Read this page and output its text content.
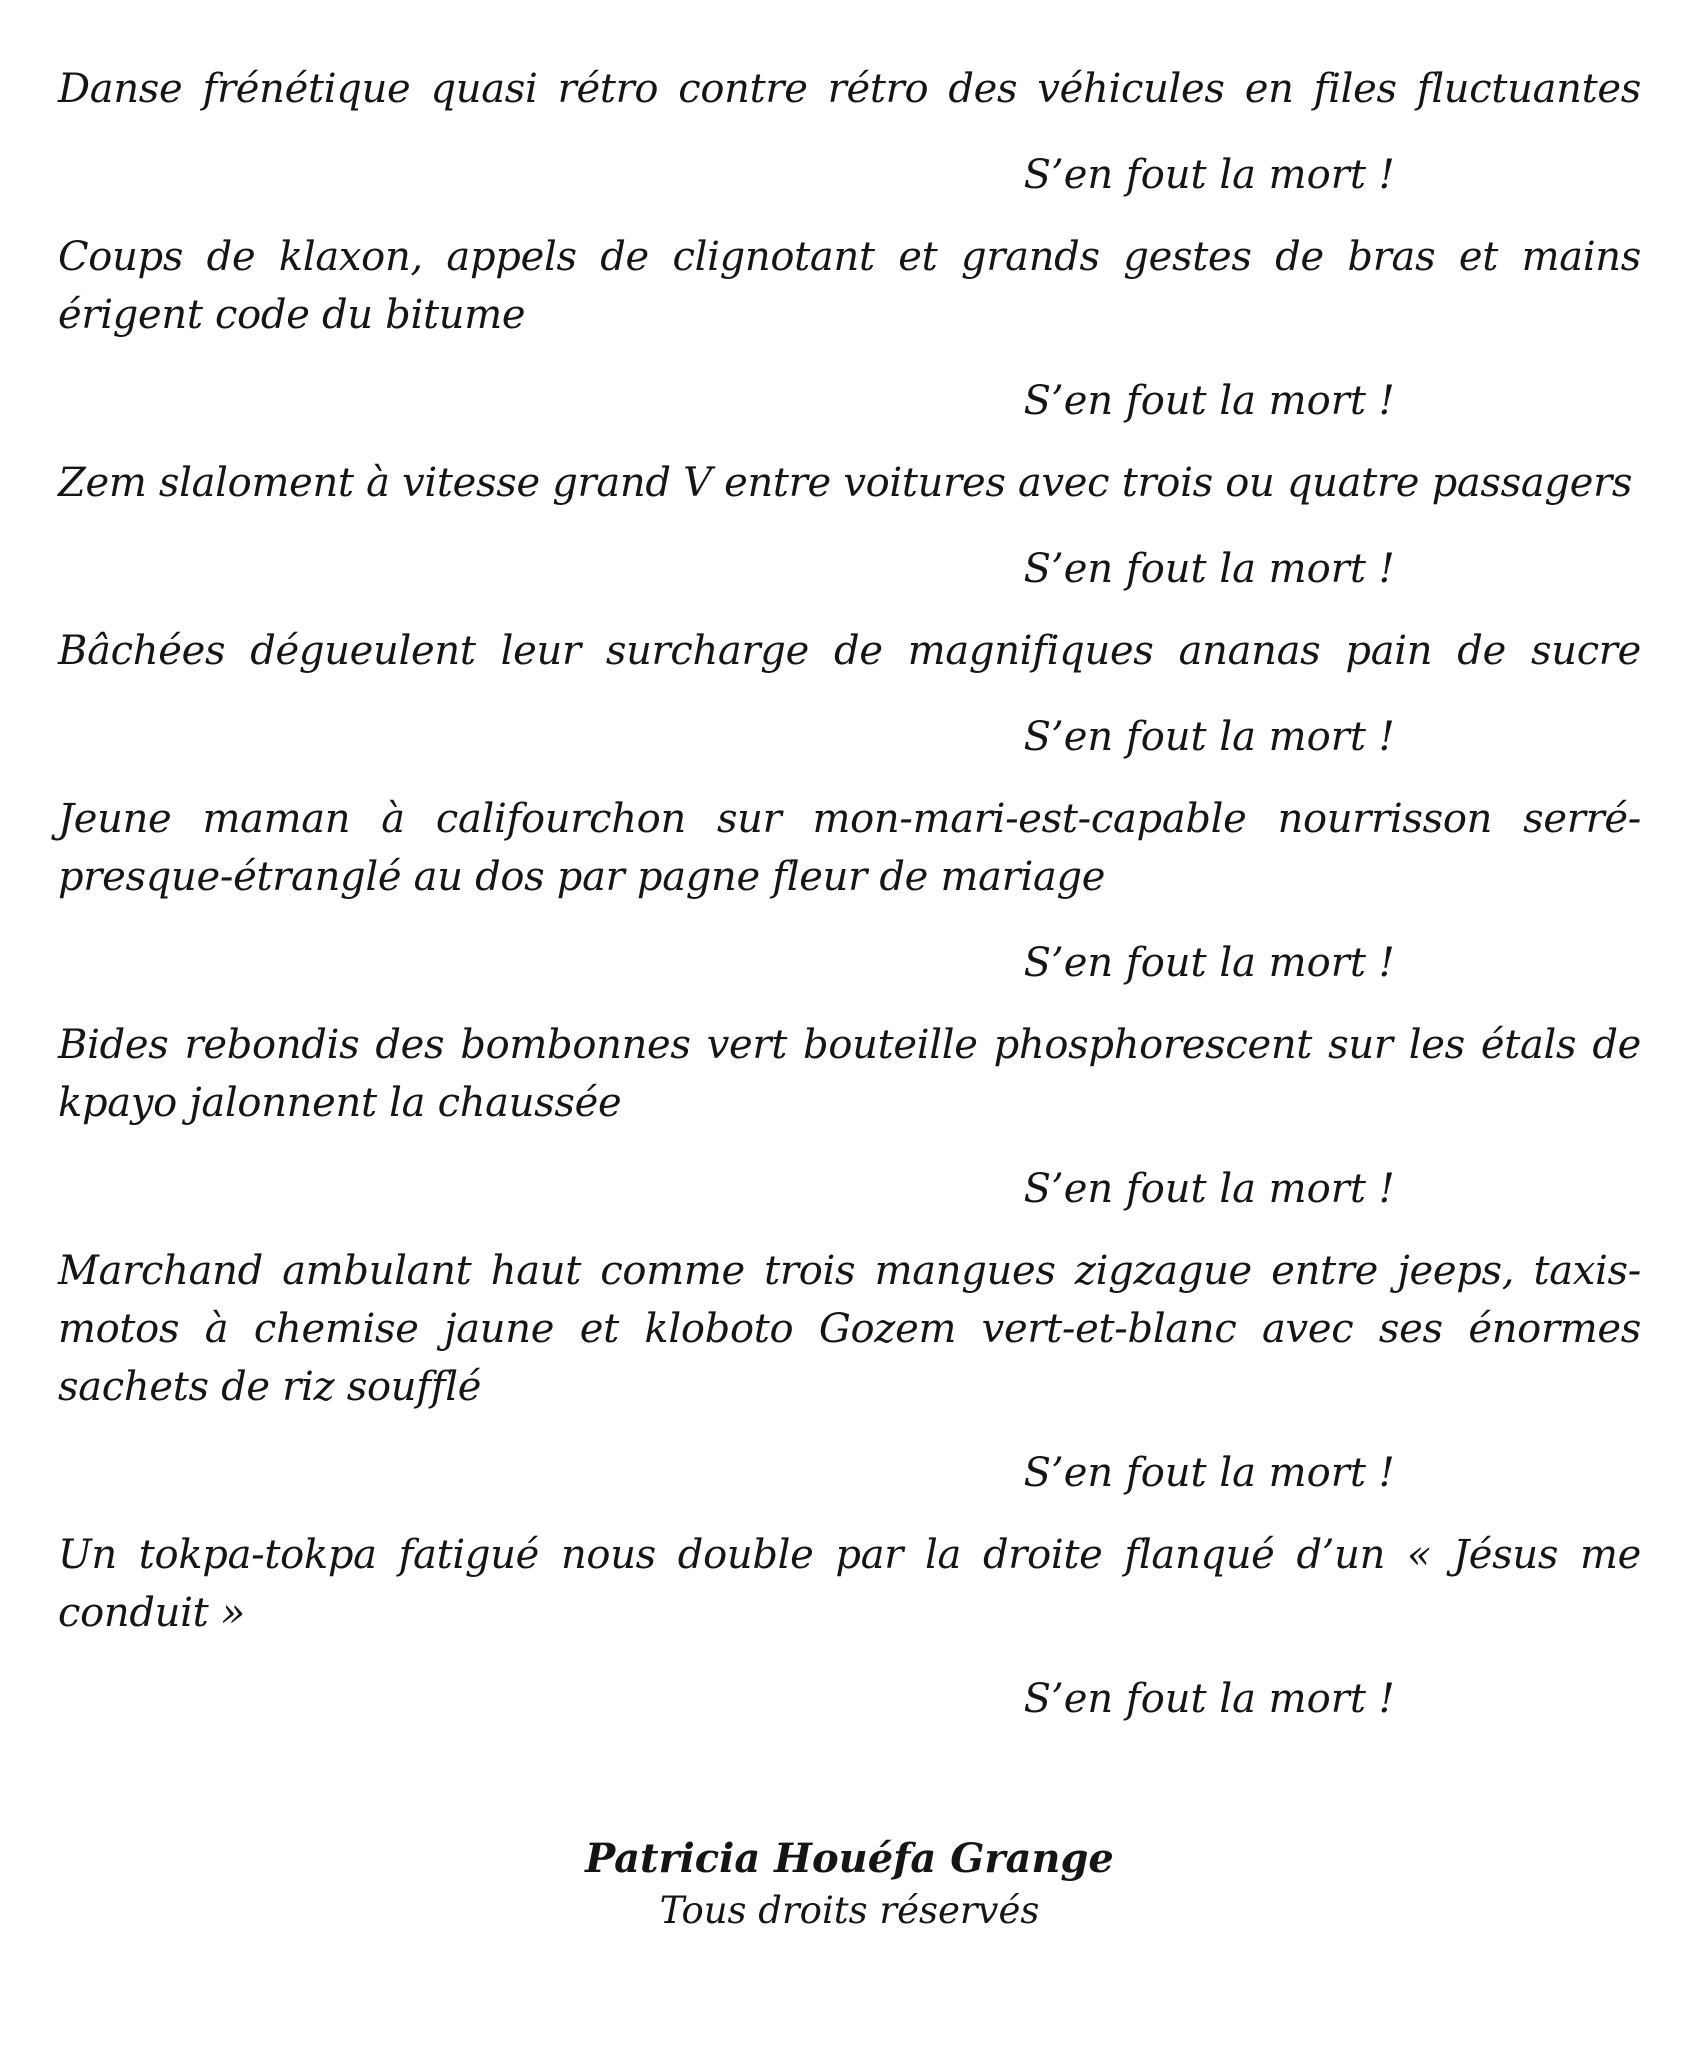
Danse frénétique quasi rétro contre rétro des véhicules en files fluctuantes

S’en fout la mort !

Coups de klaxon, appels de clignotant et grands gestes de bras et mains érigent code du bitume

S’en fout la mort !

Zem slaloment à vitesse grand V entre voitures avec trois ou quatre passagers

S’en fout la mort !

Bâchées dégueulent leur surcharge de magnifiques ananas pain de sucre

S’en fout la mort !

Jeune maman à califourchon sur mon-mari-est-capable nourrisson serré-presque-étranglé au dos par pagne fleur de mariage

S’en fout la mort !

Bides rebondis des bombonnes vert bouteille phosphorescent sur les étals de kpayo jalonnent la chaussée

S’en fout la mort !

Marchand ambulant haut comme trois mangues zigzague entre jeeps, taxis-motos à chemise jaune et kloboto Gozem vert-et-blanc avec ses énormes sachets de riz soufflé

S’en fout la mort !

Un tokpa-tokpa fatigué nous double par la droite flanqué d’un « Jésus me conduit »

S’en fout la mort !

Patricia Houéfa Grange

Tous droits réservés
